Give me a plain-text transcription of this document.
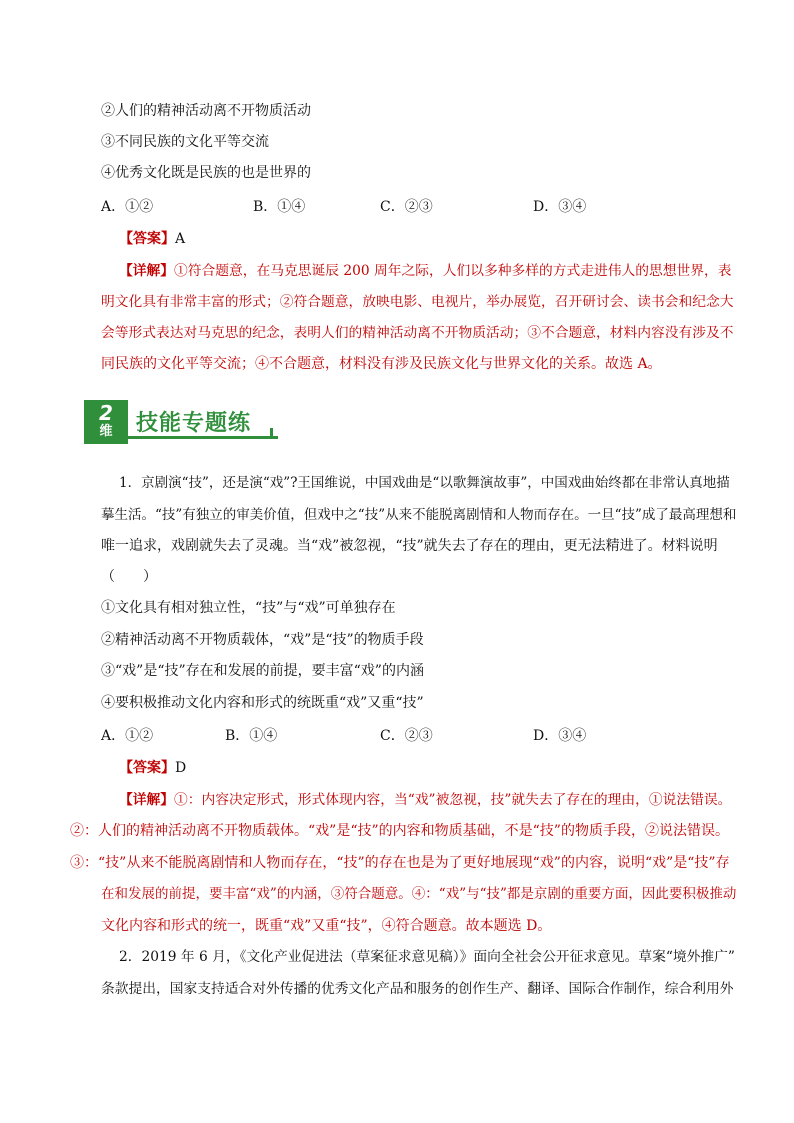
②人们的精神活动离不开物质活动
③不同民族的文化平等交流
④优秀文化既是民族的也是世界的
A．①②	B．①④	C．②③	D．③④
【答案】A
【详解】①符合题意，在马克思诞辰 200 周年之际，人们以多种多样的方式走进伟人的思想世界，表
明文化具有非常丰富的形式；②符合题意，放映电影、电视片，举办展览，召开研讨会、读书会和纪念大
会等形式表达对马克思的纪念，表明人们的精神活动离不开物质活动；③不合题意，材料内容没有涉及不
同民族的文化平等交流；④不合题意，材料没有涉及民族文化与世界文化的关系。故选 A。
2
维	技能专题练
1．京剧演“技”，还是演“戏”?王国维说，中国戏曲是“以歌舞演故事”，中国戏曲始终都在非常认真地描
摹生活。“技”有独立的审美价值，但戏中之“技”从来不能脱离剧情和人物而存在。一旦“技”成了最高理想和
唯一追求，戏剧就失去了灵魂。当“戏”被忽视，“技”就失去了存在的理由，更无法精进了。材料说明
（　　）
①文化具有相对独立性，“技”与“戏”可单独存在
②精神活动离不开物质载体，“戏”是“技”的物质手段
③“戏”是“技”存在和发展的前提，要丰富“戏”的内涵
④要积极推动文化内容和形式的统既重“戏”又重“技”
A．①②	B．①④	C．②③	D．③④
【答案】D
【详解】①：内容决定形式，形式体现内容，当“戏”被忽视，技”就失去了存在的理由，①说法错误。
②：人们的精神活动离不开物质载体。“戏”是“技”的内容和物质基础，不是“技”的物质手段，②说法错误。
③：“技”从来不能脱离剧情和人物而存在，“技”的存在也是为了更好地展现“戏”的内容，说明“戏”是“技”存
在和发展的前提，要丰富“戏”的内涵，③符合题意。④：“戏”与“技”都是京剧的重要方面，因此要积极推动
文化内容和形式的统一，既重“戏”又重“技”，④符合题意。故本题选 D。
2．2019 年 6 月，《文化产业促进法（草案征求意见稿）》面向全社会公开征求意见。草案“境外推广”
条款提出，国家支持适合对外传播的优秀文化产品和服务的创作生产、翻译、国际合作制作，综合利用外
